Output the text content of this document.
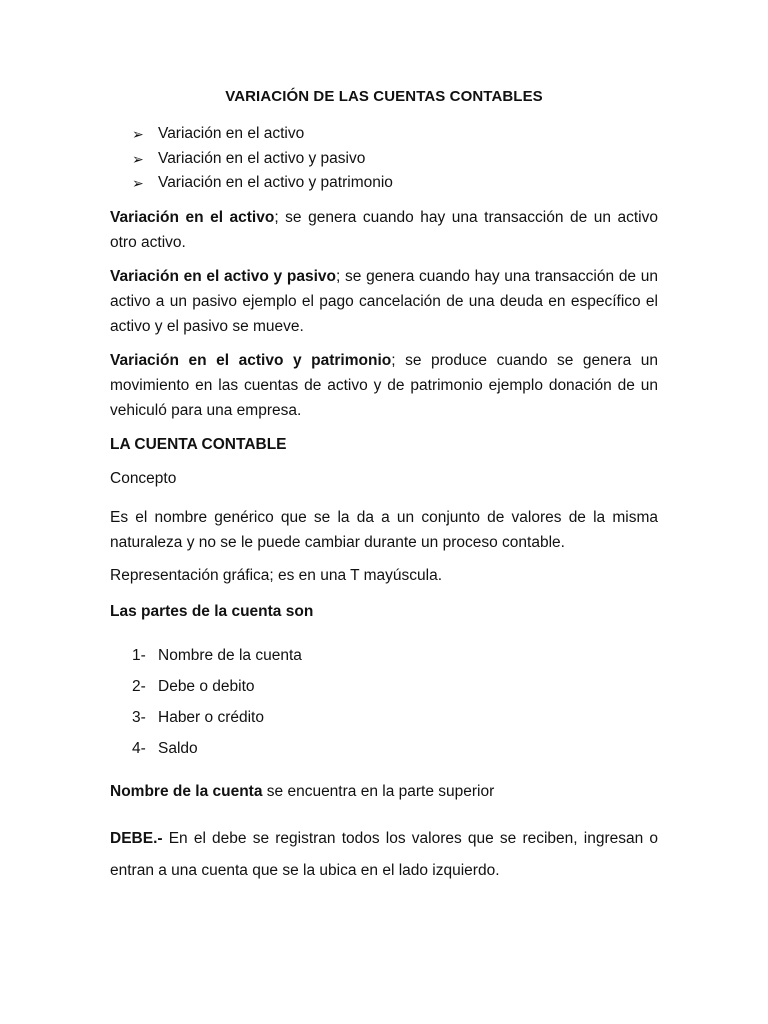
VARIACIÓN DE LAS CUENTAS CONTABLES
➢ Variación en el activo
➢ Variación en el activo y pasivo
➢ Variación en el activo y patrimonio
Variación en el activo; se genera cuando hay una transacción de un activo otro activo.
Variación en el activo y pasivo; se genera cuando hay una transacción de un activo a un pasivo ejemplo el pago cancelación de una deuda en específico el activo y el pasivo se mueve.
Variación en el activo y patrimonio; se produce cuando se genera un movimiento en las cuentas de activo y de patrimonio ejemplo donación de un vehiculó para una empresa.
LA CUENTA CONTABLE
Concepto
Es el nombre genérico que se la da a un conjunto de valores de la misma naturaleza y no se le puede cambiar durante un proceso contable.
Representación gráfica; es en una T mayúscula.
Las partes de la cuenta son
1- Nombre de la cuenta
2- Debe o debito
3- Haber o crédito
4- Saldo
Nombre de la cuenta se encuentra en la parte superior
DEBE.- En el debe se registran todos los valores que se reciben, ingresan o entran a una cuenta que se la ubica en el lado izquierdo.
